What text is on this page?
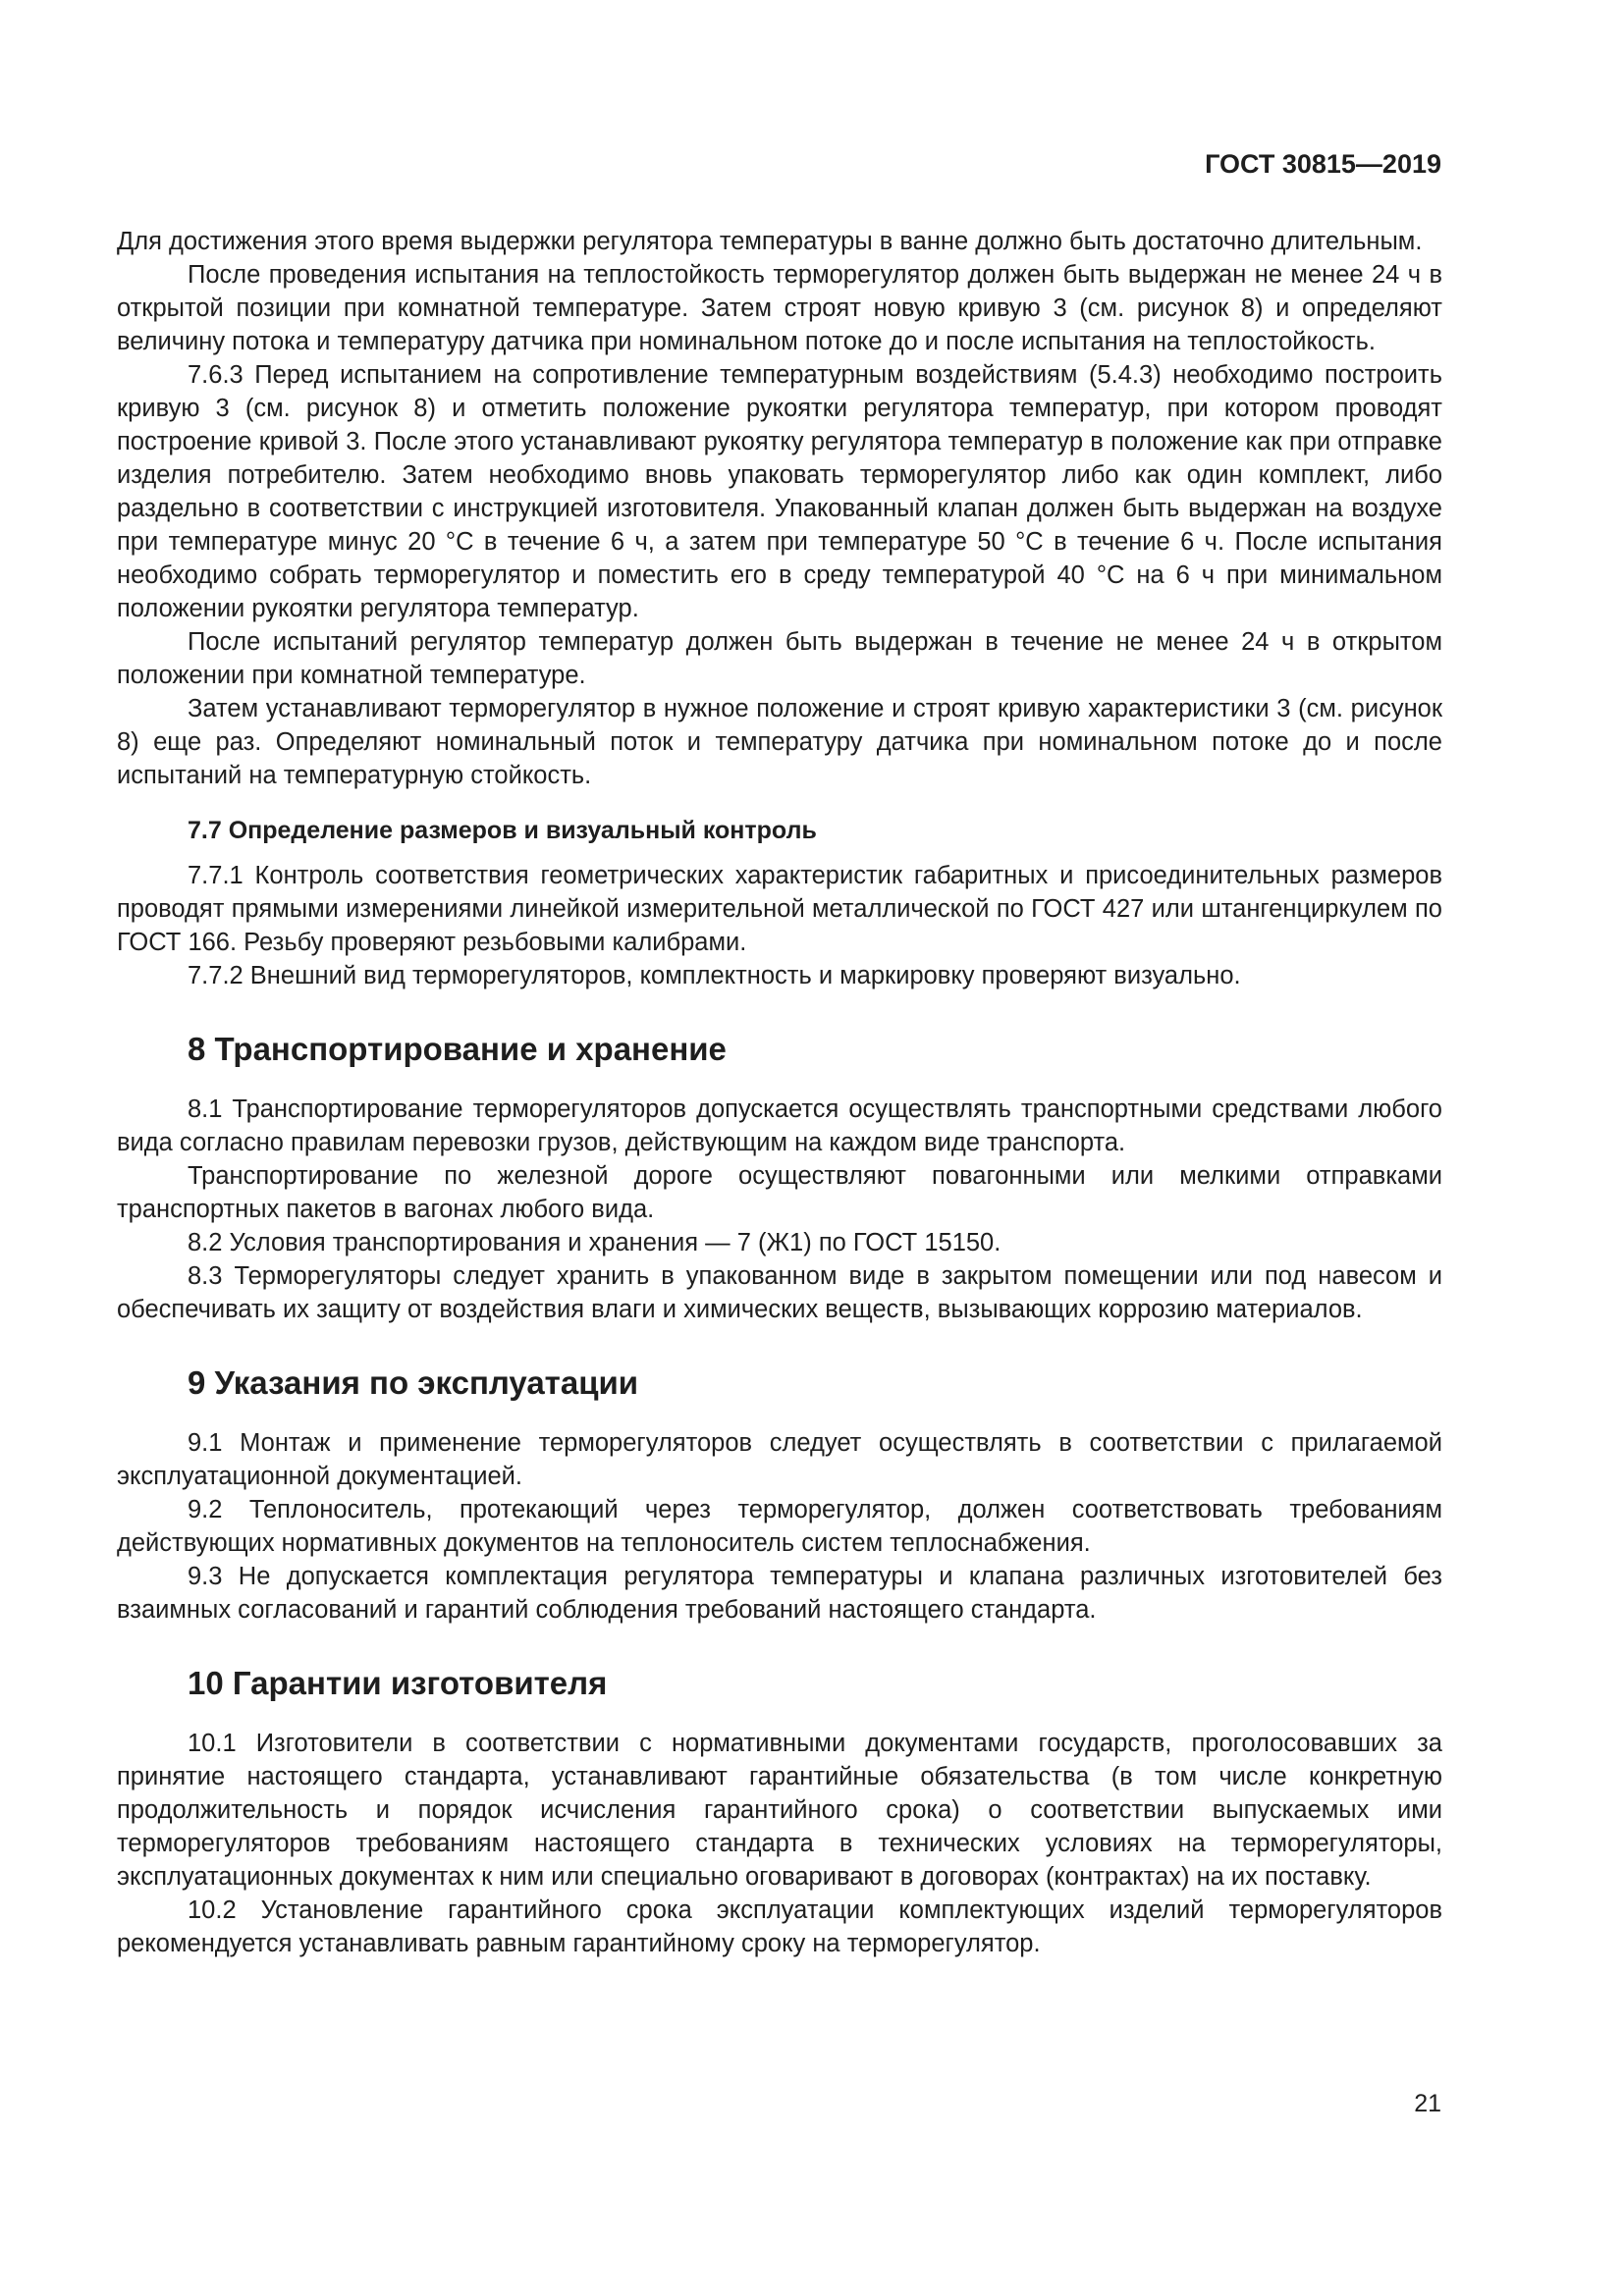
ГОСТ 30815—2019

Для достижения этого время выдержки регулятора температуры в ванне должно быть достаточно длительным.

После проведения испытания на теплостойкость терморегулятор должен быть выдержан не менее 24 ч в открытой позиции при комнатной температуре. Затем строят новую кривую 3 (см. рисунок 8) и определяют величину потока и температуру датчика при номинальном потоке до и после испытания на теплостойкость.

7.6.3 Перед испытанием на сопротивление температурным воздействиям (5.4.3) необходимо построить кривую 3 (см. рисунок 8) и отметить положение рукоятки регулятора температур, при котором проводят построение кривой 3. После этого устанавливают рукоятку регулятора температур в положение как при отправке изделия потребителю. Затем необходимо вновь упаковать терморегулятор либо как один комплект, либо раздельно в соответствии с инструкцией изготовителя. Упакованный клапан должен быть выдержан на воздухе при температуре минус 20 °С в течение 6 ч, а затем при температуре 50 °С в течение 6 ч. После испытания необходимо собрать терморегулятор и поместить его в среду температурой 40 °С на 6 ч при минимальном положении рукоятки регулятора температур.

После испытаний регулятор температур должен быть выдержан в течение не менее 24 ч в открытом положении при комнатной температуре.

Затем устанавливают терморегулятор в нужное положение и строят кривую характеристики 3 (см. рисунок 8) еще раз. Определяют номинальный поток и температуру датчика при номинальном потоке до и после испытаний на температурную стойкость.

7.7 Определение размеров и визуальный контроль

7.7.1 Контроль соответствия геометрических характеристик габаритных и присоединительных размеров проводят прямыми измерениями линейкой измерительной металлической по ГОСТ 427 или штангенциркулем по ГОСТ 166. Резьбу проверяют резьбовыми калибрами.

7.7.2 Внешний вид терморегуляторов, комплектность и маркировку проверяют визуально.

8 Транспортирование и хранение

8.1 Транспортирование терморегуляторов допускается осуществлять транспортными средствами любого вида согласно правилам перевозки грузов, действующим на каждом виде транспорта.

Транспортирование по железной дороге осуществляют повагонными или мелкими отправками транспортных пакетов в вагонах любого вида.

8.2 Условия транспортирования и хранения — 7 (Ж1) по ГОСТ 15150.

8.3 Терморегуляторы следует хранить в упакованном виде в закрытом помещении или под навесом и обеспечивать их защиту от воздействия влаги и химических веществ, вызывающих коррозию материалов.

9 Указания по эксплуатации

9.1 Монтаж и применение терморегуляторов следует осуществлять в соответствии с прилагаемой эксплуатационной документацией.

9.2 Теплоноситель, протекающий через терморегулятор, должен соответствовать требованиям действующих нормативных документов на теплоноситель систем теплоснабжения.

9.3 Не допускается комплектация регулятора температуры и клапана различных изготовителей без взаимных согласований и гарантий соблюдения требований настоящего стандарта.

10 Гарантии изготовителя

10.1 Изготовители в соответствии с нормативными документами государств, проголосовавших за принятие настоящего стандарта, устанавливают гарантийные обязательства (в том числе конкретную продолжительность и порядок исчисления гарантийного срока) о соответствии выпускаемых ими терморегуляторов требованиям настоящего стандарта в технических условиях на терморегуляторы, эксплуатационных документах к ним или специально оговаривают в договорах (контрактах) на их поставку.

10.2 Установление гарантийного срока эксплуатации комплектующих изделий терморегуляторов рекомендуется устанавливать равным гарантийному сроку на терморегулятор.

21
